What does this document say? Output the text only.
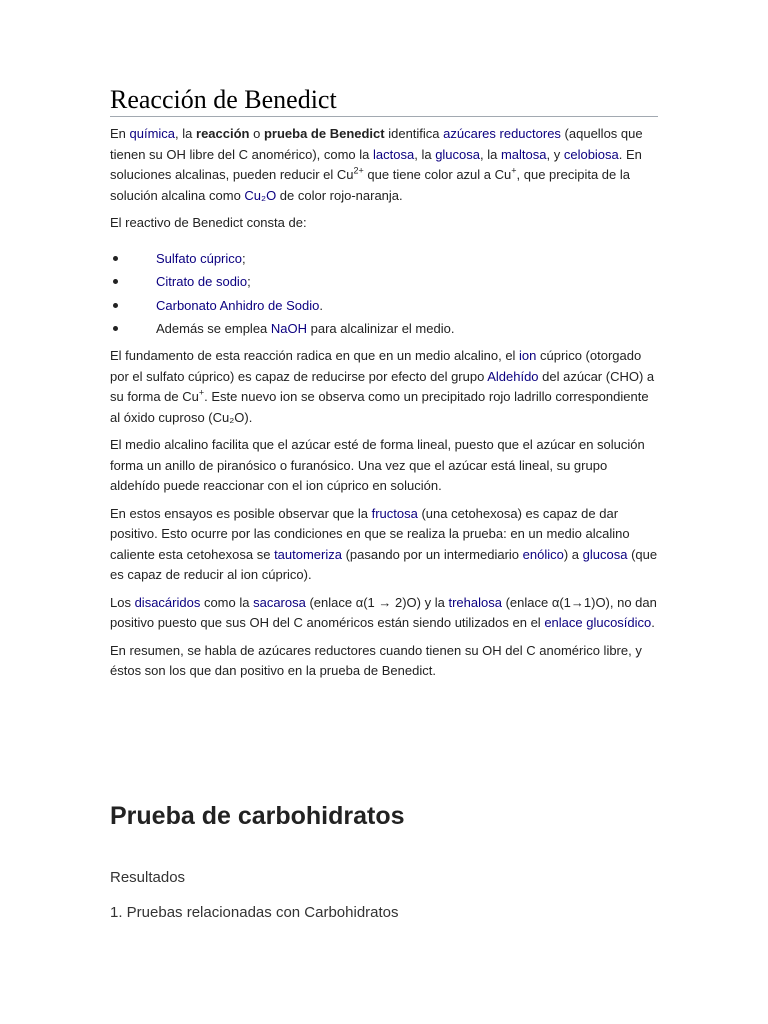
Reacción de Benedict

En química, la reacción o prueba de Benedict identifica azúcares reductores (aquellos que tienen su OH libre del C anomérico), como la lactosa, la glucosa, la maltosa, y celobiosa. En soluciones alcalinas, pueden reducir el $Cu^{2+}$ que tiene color azul a Cu+, que precipita de la solución alcalina como Cu₂O de color rojo-naranja.

El reactivo de Benedict consta de:

Sulfato cúprico;
Citrato de sodio;
Carbonato Anhidro de Sodio.
Además se emplea NaOH para alcalinizar el medio.

El fundamento de esta reacción radica en que en un medio alcalino, el ion cúprico (otorgado por el sulfato cúprico) es capaz de reducirse por efecto del grupo Aldehído del azúcar (CHO) a su forma de Cu+. Este nuevo ion se observa como un precipitado rojo ladrillo correspondiente al óxido cuproso (Cu₂O).

El medio alcalino facilita que el azúcar esté de forma lineal, puesto que el azúcar en solución forma un anillo de piranósico o furanósico. Una vez que el azúcar está lineal, su grupo aldehído puede reaccionar con el ion cúprico en solución.

En estos ensayos es posible observar que la fructosa (una cetohexosa) es capaz de dar positivo. Esto ocurre por las condiciones en que se realiza la prueba: en un medio alcalino caliente esta cetohexosa se tautomeriza (pasando por un intermediario enólico) a glucosa (que es capaz de reducir al ion cúprico).

Los disacáridos como la sacarosa (enlace α(1 → 2)O) y la trehalosa (enlace α(1→1)O), no dan positivo puesto que sus OH del C anoméricos están siendo utilizados en el enlace glucosídico.

En resumen, se habla de azúcares reductores cuando tienen su OH del C anomérico libre, y éstos son los que dan positivo en la prueba de Benedict.

Prueba de carbohidratos
Resultados
1. Pruebas relacionadas con Carbohidratos
